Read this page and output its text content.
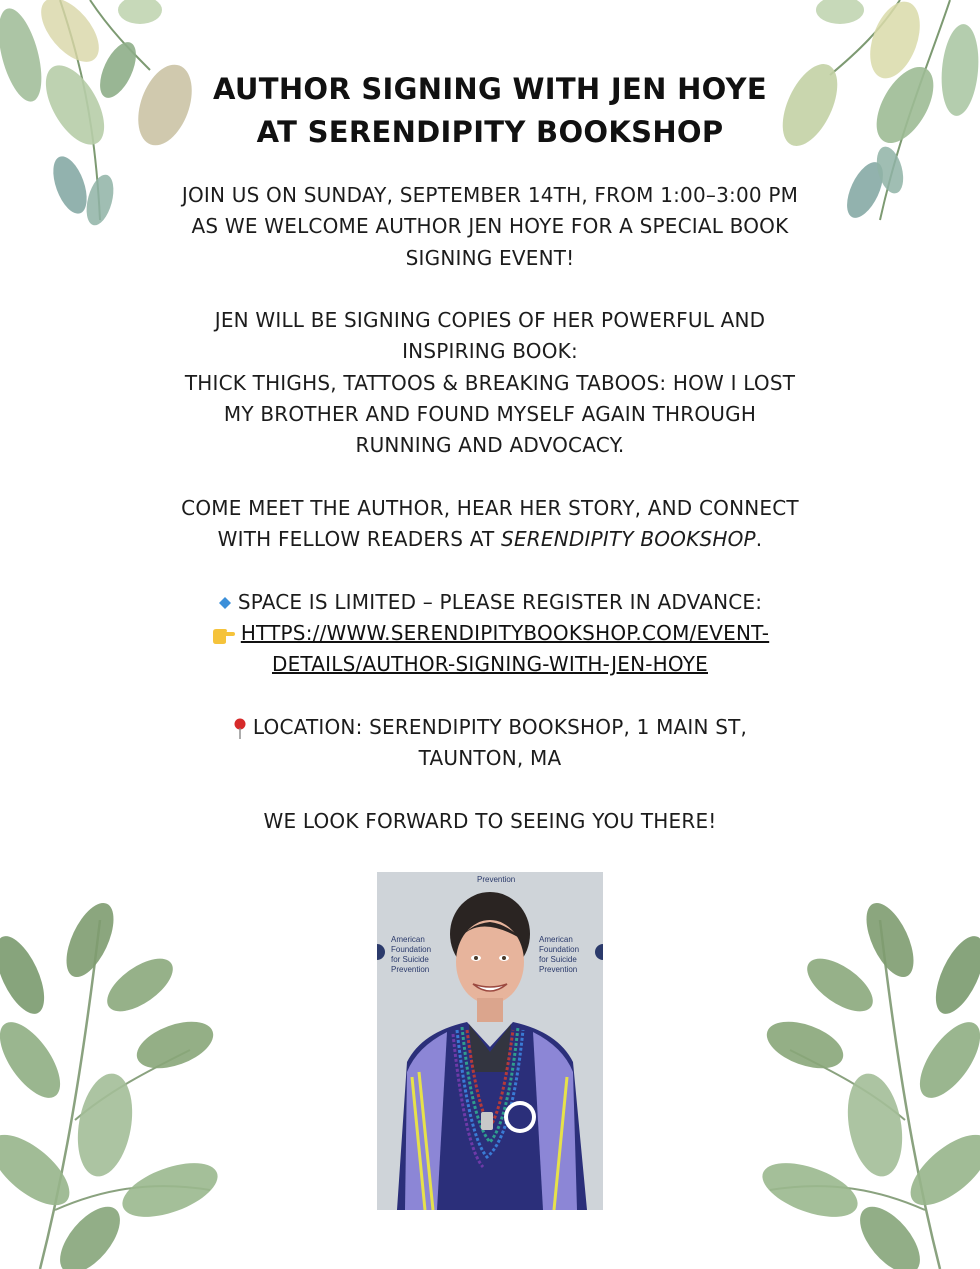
AUTHOR SIGNING WITH JEN HOYE
AT SERENDIPITY BOOKSHOP
JOIN US ON SUNDAY, SEPTEMBER 14TH, FROM 1:00–3:00 PM
AS WE WELCOME AUTHOR JEN HOYE FOR A SPECIAL BOOK
SIGNING EVENT!
JEN WILL BE SIGNING COPIES OF HER POWERFUL AND
INSPIRING BOOK:
THICK THIGHS, TATTOOS & BREAKING TABOOS: HOW I LOST
MY BROTHER AND FOUND MYSELF AGAIN THROUGH
RUNNING AND ADVOCACY.
COME MEET THE AUTHOR, HEAR HER STORY, AND CONNECT
WITH FELLOW READERS AT SERENDIPITY BOOKSHOP.
SPACE IS LIMITED – PLEASE REGISTER IN ADVANCE:
HTTPS://WWW.SERENDIPITYBOOKSHOP.COM/EVENT-
DETAILS/AUTHOR-SIGNING-WITH-JEN-HOYE
LOCATION: SERENDIPITY BOOKSHOP, 1 MAIN ST,
TAUNTON, MA
WE LOOK FORWARD TO SEEING YOU THERE!
Prevention
American
Foundation
for Suicide
Prevention
American
Foundation
for Suicide
Prevention
